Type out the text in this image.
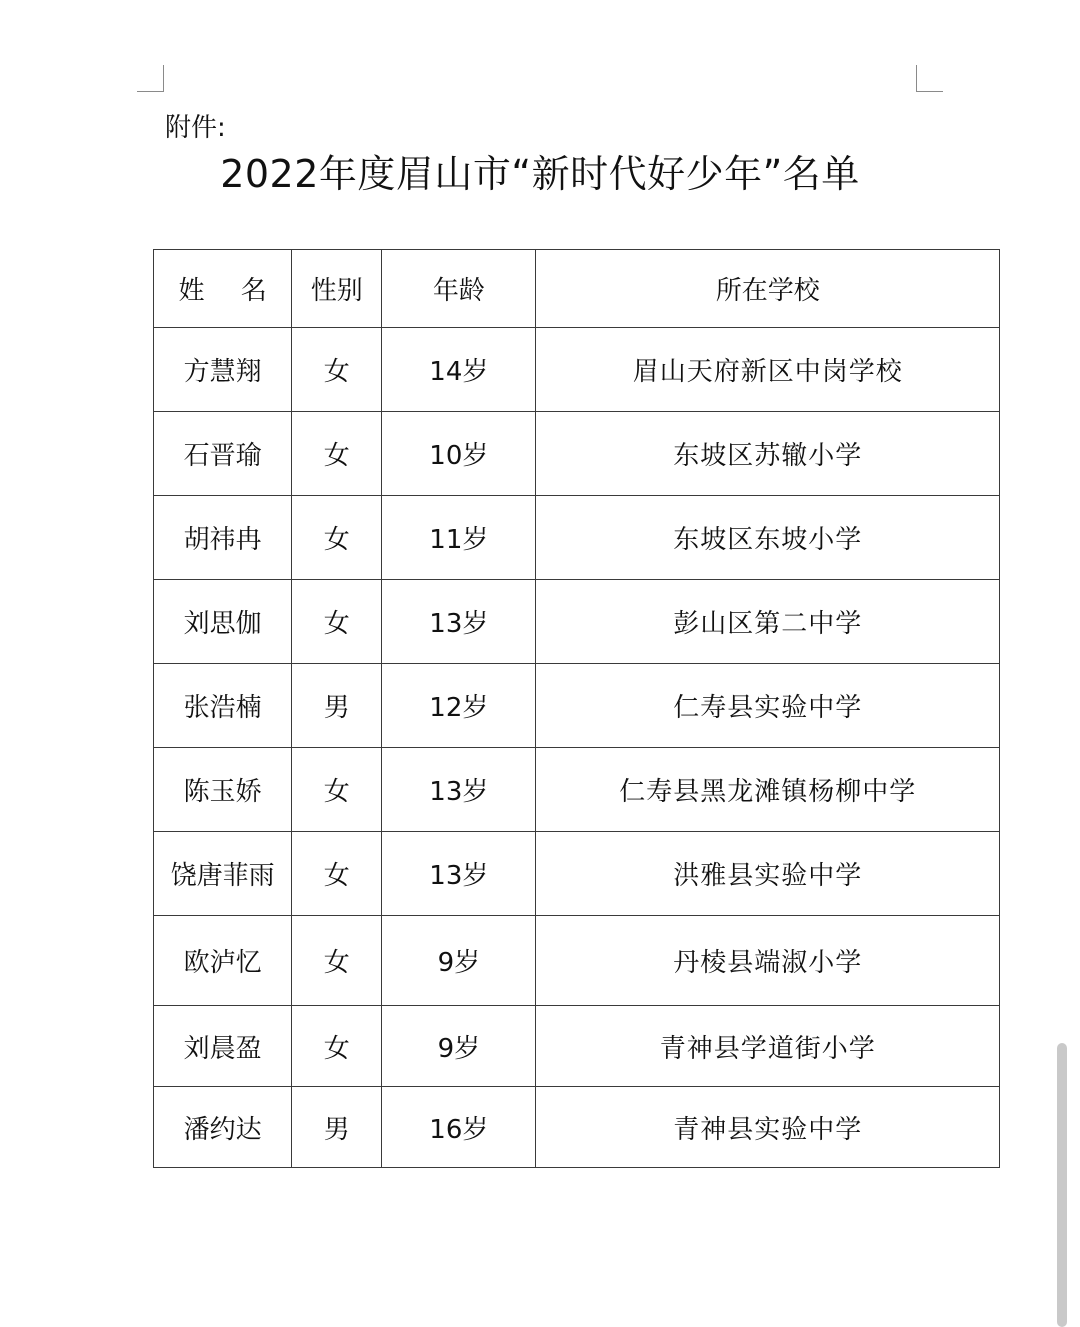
附件:
2022年度眉山市“新时代好少年”名单
姓 名	性别	年龄	所在学校
方慧翔	女	14岁	眉山天府新区中岗学校
石晋瑜	女	10岁	东坡区苏辙小学
胡祎冉	女	11岁	东坡区东坡小学
刘思伽	女	13岁	彭山区第二中学
张浩楠	男	12岁	仁寿县实验中学
陈玉娇	女	13岁	仁寿县黑龙滩镇杨柳中学
饶唐菲雨	女	13岁	洪雅县实验中学
欧泸忆	女	9岁	丹棱县端淑小学
刘晨盈	女	9岁	青神县学道街小学
潘约达	男	16岁	青神县实验中学
